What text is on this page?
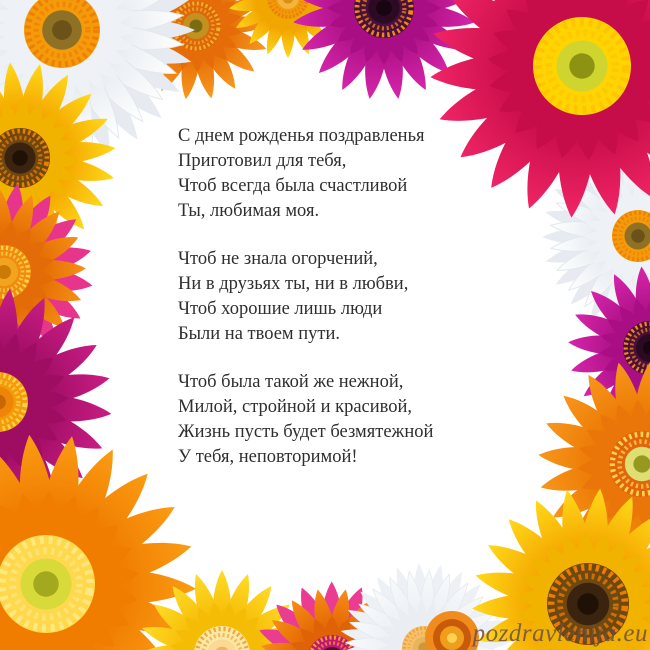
С днем рожденья поздравленья
Приготовил для тебя,
Чтоб всегда была счастливой
Ты, любимая моя.
Чтоб не знала огорчений,
Ни в друзьях ты, ни в любви,
Чтоб хорошие лишь люди
Были на твоем пути.
Чтоб была такой же нежной,
Милой, стройной и красивой,
Жизнь пусть будет безмятежной
У тебя, неповторимой!
pozdravlenija.eu
